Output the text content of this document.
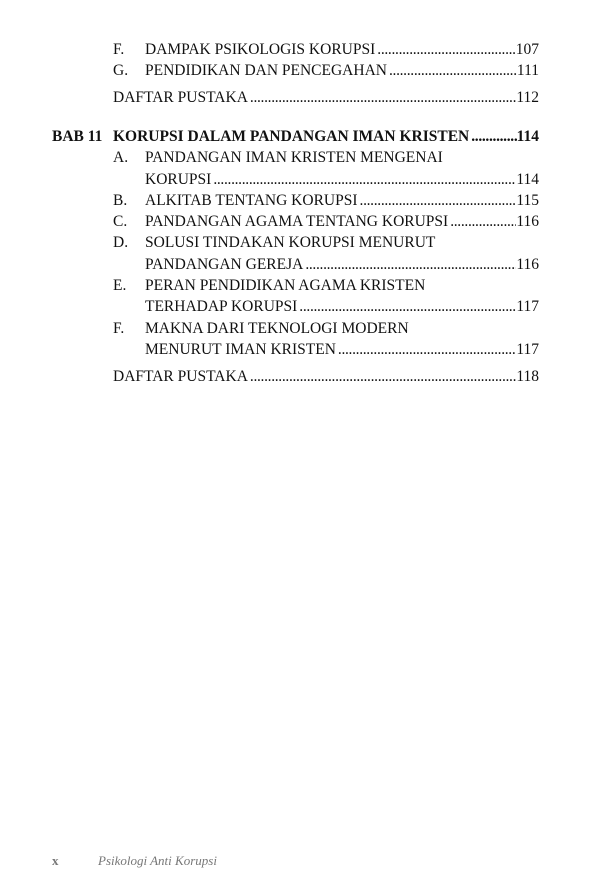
F.	DAMPAK PSIKOLOGIS KORUPSI . . .	107
G.	PENDIDIKAN DAN PENCEGAHAN . . .	111
DAFTAR PUSTAKA . . .	112
BAB 11 KORUPSI DALAM PANDANGAN IMAN KRISTEN . . .	114
A.	PANDANGAN IMAN KRISTEN MENGENAI
KORUPSI . . .	114
B.	ALKITAB TENTANG KORUPSI . . .	115
C.	PANDANGAN AGAMA TENTANG KORUPSI . . .	116
D.	SOLUSI TINDAKAN KORUPSI MENURUT
PANDANGAN GEREJA . . .	116
E.	PERAN PENDIDIKAN AGAMA KRISTEN
TERHADAP KORUPSI . . .	117
F.	MAKNA DARI TEKNOLOGI MODERN
MENURUT IMAN KRISTEN . . .	117
DAFTAR PUSTAKA . . .	118
x	Psikologi Anti Korupsi
